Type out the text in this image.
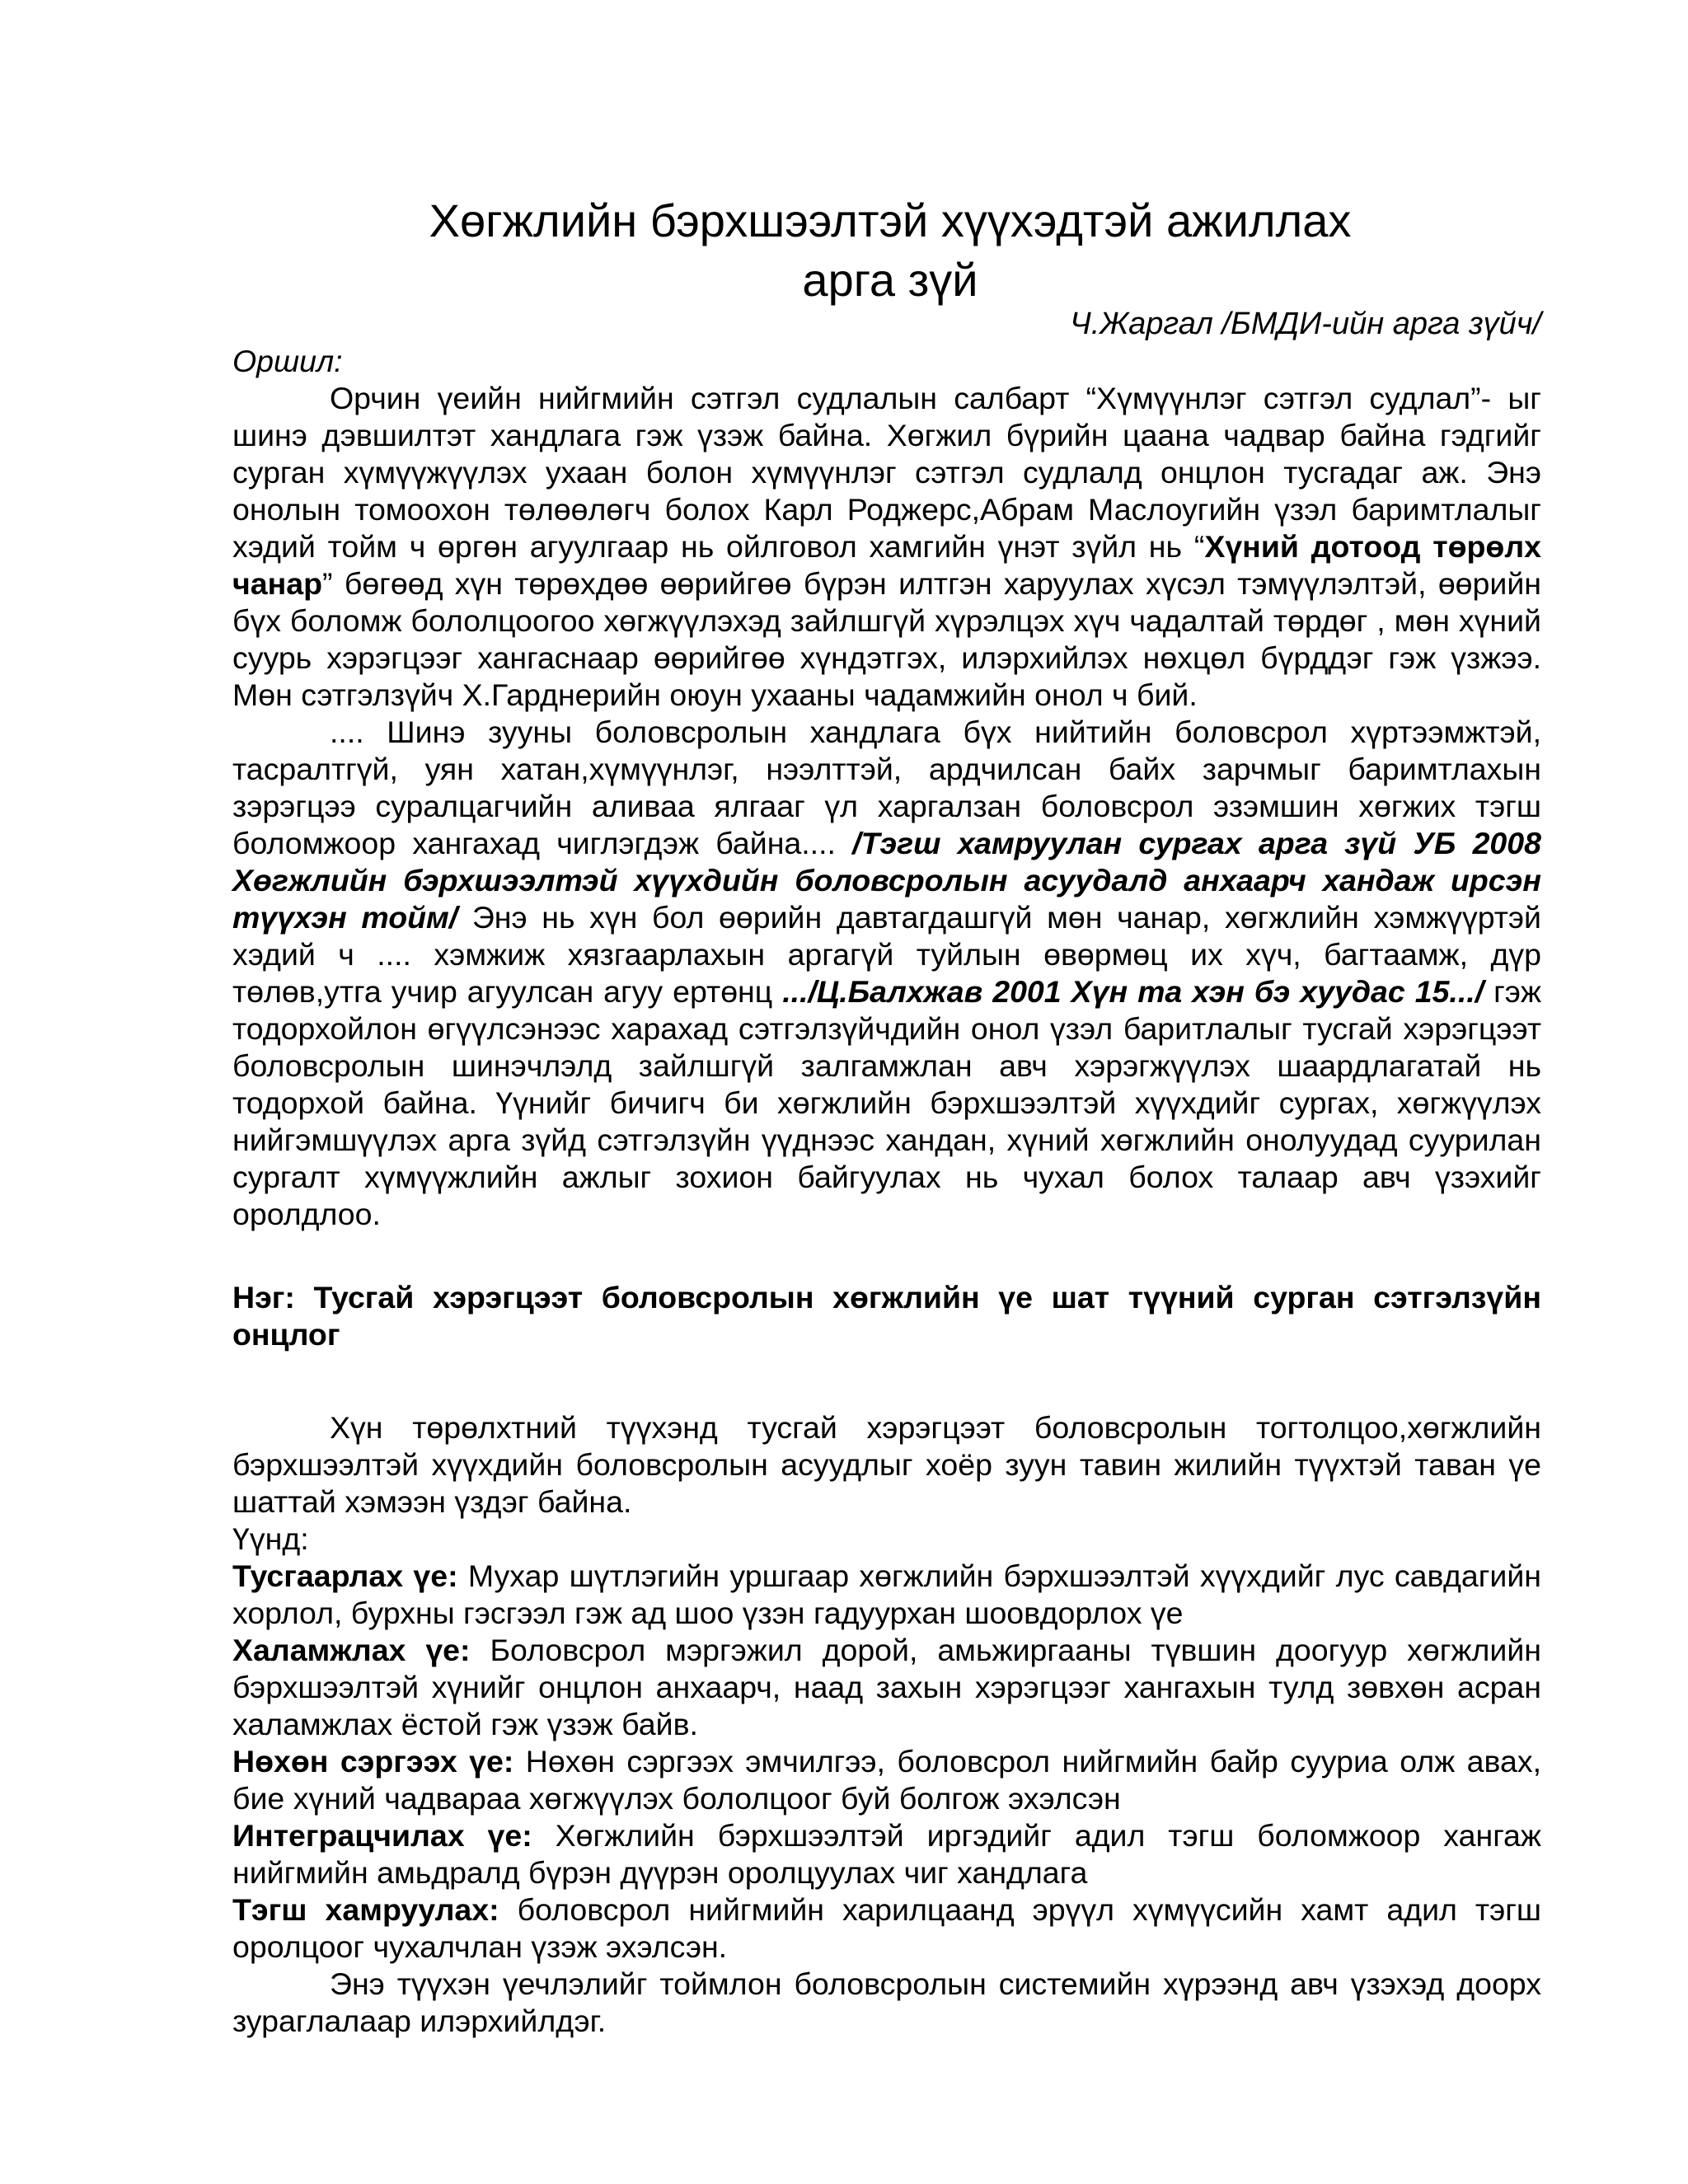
Хөгжлийн бэрхшээлтэй хүүхэдтэй ажиллах
арга зүй
Ч.Жаргал /БМДИ-ийн арга зүйч/

Оршил:

Орчин үеийн нийгмийн сэтгэл судлалын салбарт “Хүмүүнлэг сэтгэл судлал”- ыг шинэ дэвшилтэт хандлага гэж үзэж байна. Хөгжил бүрийн цаана чадвар байна гэдгийг сурган хүмүүжүүлэх ухаан болон хүмүүнлэг сэтгэл судлалд онцлон тусгадаг аж. Энэ онолын томоохон төлөөлөгч болох Карл Роджерс,Абрам Маслоугийн үзэл баримтлалыг хэдий тойм ч өргөн агуулгаар нь ойлговол хамгийн үнэт зүйл нь “Хүний дотоод төрөлх чанар” бөгөөд хүн төрөхдөө өөрийгөө бүрэн илтгэн харуулах хүсэл тэмүүлэлтэй, өөрийн бүх боломж бололцоогоо хөгжүүлэхэд зайлшгүй хүрэлцэх хүч чадалтай төрдөг , мөн хүний суурь хэрэгцээг хангаснаар өөрийгөө хүндэтгэх, илэрхийлэх нөхцөл бүрддэг гэж үзжээ. Мөн сэтгэлзүйч Х.Гарднерийн оюун ухааны чадамжийн онол ч бий.

.... Шинэ зууны боловсролын хандлага бүх нийтийн боловсрол хүртээмжтэй, тасралтгүй, уян хатан,хүмүүнлэг, нээлттэй, ардчилсан байх зарчмыг баримтлахын зэрэгцээ суралцагчийн аливаа ялгааг үл харгалзан боловсрол эзэмшин хөгжих тэгш боломжоор хангахад чиглэгдэж байна.... /Тэгш хамруулан сургах арга зүй УБ 2008 Хөгжлийн бэрхшээлтэй хүүхдийн боловсролын асуудалд анхаарч хандаж ирсэн түүхэн тойм/ Энэ нь хүн бол өөрийн давтагдашгүй мөн чанар, хөгжлийн хэмжүүртэй хэдий ч .... хэмжиж хязгаарлахын аргагүй туйлын өвөрмөц их хүч, багтаамж, дүр төлөв,утга учир агуулсан агуу ертөнц .../Ц.Балхжав 2001 Хүн та хэн бэ хуудас 15.../ гэж тодорхойлон өгүүлсэнээс харахад сэтгэлзүйчдийн онол үзэл баритлалыг тусгай хэрэгцээт боловсролын шинэчлэлд зайлшгүй залгамжлан авч хэрэгжүүлэх шаардлагатай нь тодорхой байна. Үүнийг бичигч би хөгжлийн бэрхшээлтэй хүүхдийг сургах, хөгжүүлэх нийгэмшүүлэх арга зүйд сэтгэлзүйн үүднээс хандан, хүний хөгжлийн онолуудад суурилан сургалт хүмүүжлийн ажлыг зохион байгуулах нь чухал болох талаар авч үзэхийг оролдлоо.

Нэг: Тусгай хэрэгцээт боловсролын хөгжлийн үе шат түүний сурган сэтгэлзүйн онцлог

Хүн төрөлхтний түүхэнд тусгай хэрэгцээт боловсролын тогтолцоо,хөгжлийн бэрхшээлтэй хүүхдийн боловсролын асуудлыг хоёр зуун тавин жилийн түүхтэй таван үе шаттай хэмээн үздэг байна.

Үүнд:

Тусгаарлах үе: Мухар шүтлэгийн уршгаар хөгжлийн бэрхшээлтэй хүүхдийг лус савдагийн хорлол, бурхны гэсгээл гэж ад шоо үзэн гадуурхан шоовдорлох үе

Халамжлах үе: Боловсрол мэргэжил дорой, амьжиргааны түвшин доогуур хөгжлийн бэрхшээлтэй хүнийг онцлон анхаарч, наад захын хэрэгцээг хангахын тулд зөвхөн асран халамжлах ёстой гэж үзэж байв.

Нөхөн сэргээх үе: Нөхөн сэргээх эмчилгээ, боловсрол нийгмийн байр сууриа олж авах, бие хүний чадвараа хөгжүүлэх бололцоог буй болгож эхэлсэн

Интеграцчилах үе: Хөгжлийн бэрхшээлтэй иргэдийг адил тэгш боломжоор хангаж нийгмийн амьдралд бүрэн дүүрэн оролцуулах чиг хандлага

Тэгш хамруулах: боловсрол нийгмийн харилцаанд эрүүл хүмүүсийн хамт адил тэгш оролцоог чухалчлан үзэж эхэлсэн.

Энэ түүхэн үечлэлийг тоймлон боловсролын системийн хүрээнд авч үзэхэд доорх зураглалаар илэрхийлдэг.
